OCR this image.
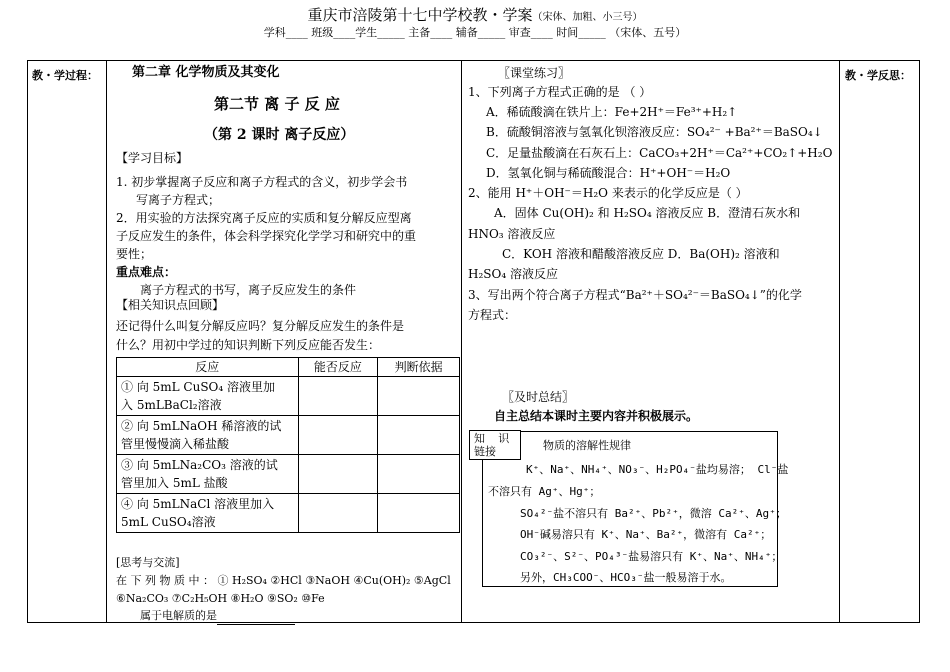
重庆市涪陵第十七中学校教・学案（宋体、加粗、小三号）
学科____ 班级____学生_____ 主备____ 辅备_____ 审查____ 时间_____ （宋体、五号）
教・学过程：	教・学反思：
第二章 化学物质及其变化
第二节 离 子 反 应
（第 2 课时 离子反应）
【学习目标】
1. 初步掌握离子反应和离子方程式的含义，初步学会书
写离子方程式；
2．用实验的方法探究离子反应的实质和复分解反应型离
子反应发生的条件，体会科学探究化学学习和研究中的重
要性；
重点难点：
离子方程式的书写，离子反应发生的条件
【相关知识点回顾】
还记得什么叫复分解反应吗？复分解反应发生的条件是
什么？用初中学过的知识判断下列反应能否发生：
反应	能否反应	判断依据

① 向 5mL CuSO₄ 溶液里加
入 5mLBaCl₂溶液		

② 向 5mLNaOH 稀溶液的试
管里慢慢滴入稀盐酸		

③ 向 5mLNa₂CO₃ 溶液的试
管里加入 5mL 盐酸		

④ 向 5mLNaCl 溶液里加入
5mL CuSO₄溶液		

[思考与交流]
在 下 列 物 质 中 ： ① H₂SO₄ ②HCl ③NaOH ④Cu(OH)₂ ⑤AgCl
⑥Na₂CO₃ ⑦C₂H₅OH ⑧H₂O ⑨SO₂ ⑩Fe
属于电解质的是
〖课堂练习〗
1、下列离子方程式正确的是 （ ）
A．稀硫酸滴在铁片上：Fe+2H⁺＝Fe³⁺+H₂↑
B．硫酸铜溶液与氢氧化钡溶液反应：SO₄²⁻ +Ba²⁺＝BaSO₄↓
C．足量盐酸滴在石灰石上：CaCO₃+2H⁺＝Ca²⁺+CO₂↑+H₂O
D．氢氧化铜与稀硫酸混合：H⁺+OH⁻＝H₂O
2、能用 H⁺＋OH⁻＝H₂O 来表示的化学反应是（ ）
A．固体 Cu(OH)₂ 和 H₂SO₄ 溶液反应 B．澄清石灰水和
HNO₃ 溶液反应
C．KOH 溶液和醋酸溶液反应 D．Ba(OH)₂ 溶液和
H₂SO₄ 溶液反应
3、写出两个符合离子方程式“Ba²⁺＋SO₄²⁻＝BaSO₄↓”的化学
方程式：
〖及时总结〗
自主总结本课时主要内容并积极展示。
知  识
链接	物质的溶解性规律
K⁺、Na⁺、NH₄⁺、NO₃⁻、H₂PO₄⁻盐均易溶； Cl⁻盐
不溶只有 Ag⁺、Hg⁺；
SO₄²⁻盐不溶只有 Ba²⁺、Pb²⁺，微溶 Ca²⁺、Ag⁺；
OH⁻碱易溶只有 K⁺、Na⁺、Ba²⁺，微溶有 Ca²⁺；
CO₃²⁻、S²⁻、PO₄³⁻盐易溶只有 K⁺、Na⁺、NH₄⁺；
另外，CH₃COO⁻、HCO₃⁻盐一般易溶于水。
